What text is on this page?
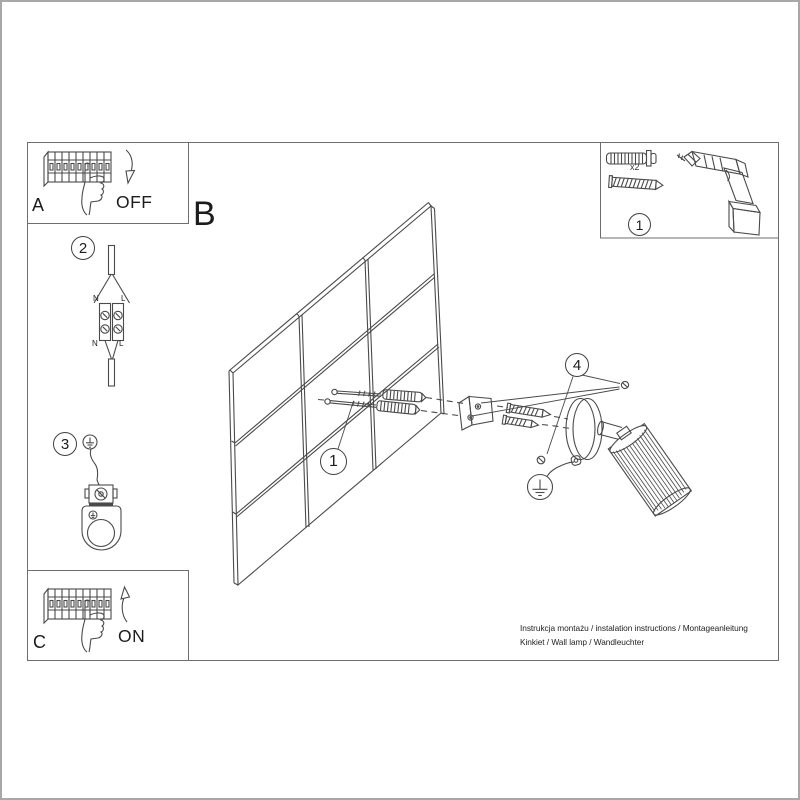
A	OFF B
C	ON
N	L
N	L
x2
2
3
1
4
1
Instrukcja montażu / instalation instructions / Montageanleitung
Kinkiet / Wall lamp / Wandleuchter
